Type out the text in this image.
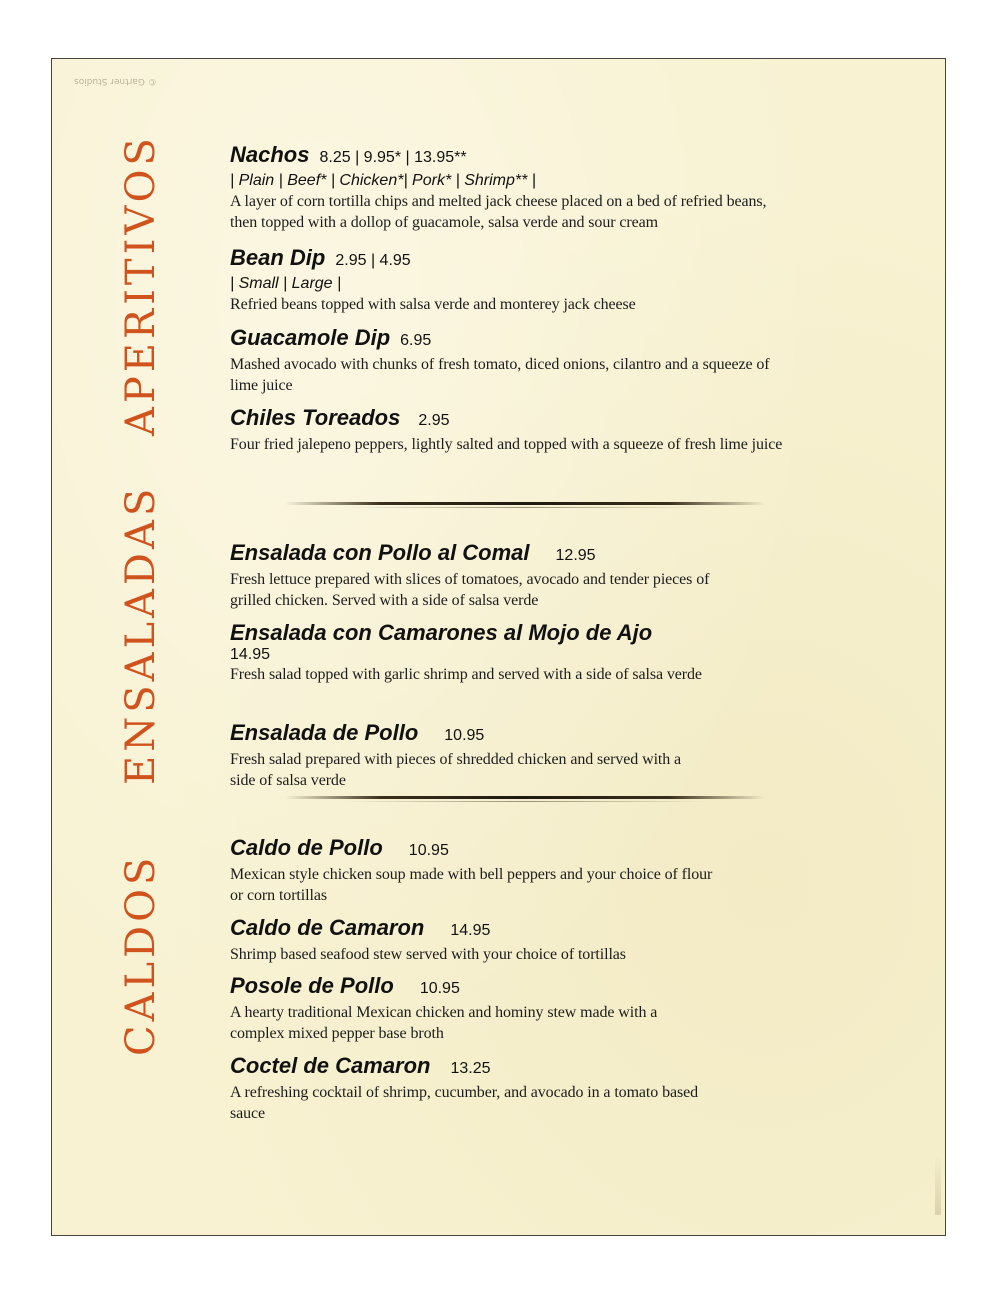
© Gartner Studios
APERITIVOS
ENSALADAS
CALDOS
Nachos 8.25 | 9.95* | 13.95**
| Plain | Beef* | Chicken*| Pork* | Shrimp** |
A layer of corn tortilla chips and melted jack cheese placed on a bed of refried beans, then topped with a dollop of guacamole, salsa verde and sour cream
Bean Dip 2.95 | 4.95
| Small | Large |
Refried beans topped with salsa verde and monterey jack cheese
Guacamole Dip 6.95
Mashed avocado with chunks of fresh tomato, diced onions, cilantro and a squeeze of lime juice
Chiles Toreados 2.95
Four fried jalepeno peppers, lightly salted and topped with a squeeze of fresh lime juice
Ensalada con Pollo al Comal 12.95
Fresh lettuce prepared with slices of tomatoes, avocado and tender pieces of grilled chicken. Served with a side of salsa verde
Ensalada con Camarones al Mojo de Ajo
14.95
Fresh salad topped with garlic shrimp and served with a side of salsa verde
Ensalada de Pollo 10.95
Fresh salad prepared with pieces of shredded chicken and served with a side of salsa verde
Caldo de Pollo 10.95
Mexican style chicken soup made with bell peppers and your choice of flour or corn tortillas
Caldo de Camaron 14.95
Shrimp based seafood stew served with your choice of tortillas
Posole de Pollo 10.95
A hearty traditional Mexican chicken and hominy stew made with a complex mixed pepper base broth
Coctel de Camaron 13.25
A refreshing cocktail of shrimp, cucumber, and avocado in a tomato based sauce
